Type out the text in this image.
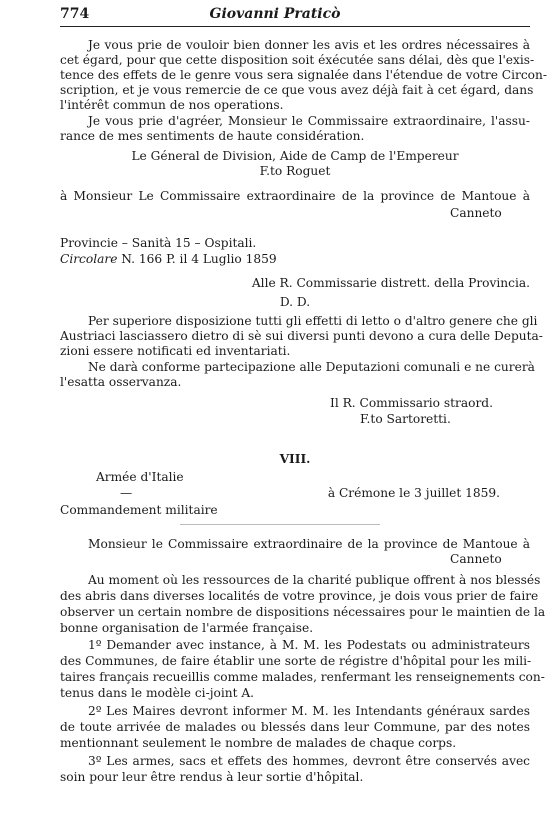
774	Giovanni Praticò
Je vous prie de vouloir bien donner les avis et les ordres nécessaires à
cet égard, pour que cette disposition soit éxécutée sans délai, dès que l'exis-
tence des effets de le genre vous sera signalée dans l'étendue de votre Circon-
scription, et je vous remercie de ce que vous avez déjà fait à cet égard, dans
l'intérêt commun de nos operations.
Je vous prie d'agréer, Monsieur le Commissaire extraordinaire, l'assu-
rance de mes sentiments de haute considération.
Le Géneral de Division, Aide de Camp de l'Empereur
F.to Roguet
à Monsieur Le Commissaire extraordinaire de la province de Mantoue à
Canneto
Provincie – Sanità 15 – Ospitali.
Circolare N. 166 P. il 4 Luglio 1859
Alle R. Commissarie distrett. della Provincia.
D. D.
Per superiore disposizione tutti gli effetti di letto o d'altro genere che gli
Austriaci lasciassero dietro di sè sui diversi punti devono a cura delle Deputa-
zioni essere notificati ed inventariati.
Ne darà conforme partecipazione alle Deputazioni comunali e ne curerà
l'esatta osservanza.
Il R. Commissario straord.
F.to Sartoretti.
VIII.
Armée d'Italie
—
Commandement militaire
à Crémone le 3 juillet 1859.
Monsieur le Commissaire extraordinaire de la province de Mantoue à
Canneto
Au moment où les ressources de la charité publique offrent à nos blessés
des abris dans diverses localités de votre province, je dois vous prier de faire
observer un certain nombre de dispositions nécessaires pour le maintien de la
bonne organisation de l'armée française.
1º Demander avec instance, à M. M. les Podestats ou administrateurs
des Communes, de faire établir une sorte de régistre d'hôpital pour les mili-
taires français recueillis comme malades, renfermant les renseignements con-
tenus dans le modèle ci-joint A.
2º Les Maires devront informer M. M. les Intendants généraux sardes
de toute arrivée de malades ou blessés dans leur Commune, par des notes
mentionnant seulement le nombre de malades de chaque corps.
3º Les armes, sacs et effets des hommes, devront être conservés avec
soin pour leur être rendus à leur sortie d'hôpital.
